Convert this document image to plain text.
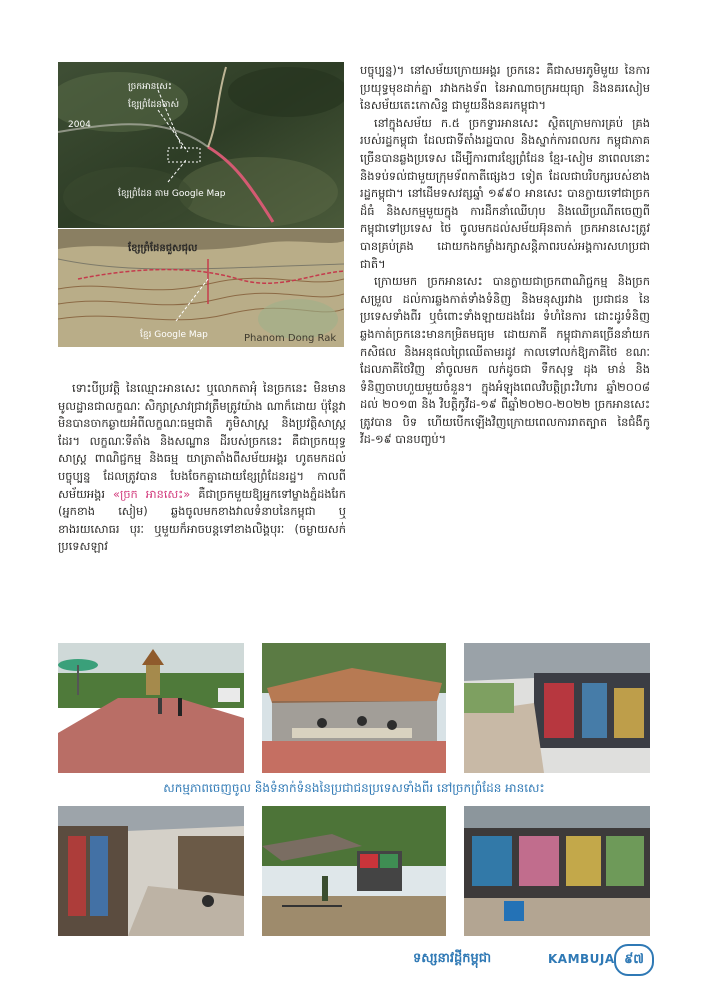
2004
ច្រកអានសេះ
ខ្សែព្រំដែនចាស់
ខ្សែព្រំដែន តាម Google Map
ខ្សែព្រំដែនជួសជុល
ខ្មែរ Google Map	Phanom Dong Rak

ទោះបីប្រវត្តិ នៃឈ្មោះអានសេះ ឬលោកតាអុំ នៃច្រកនេះ មិនមានមូលដ្ឋានជាលក្ខណៈ សិក្សាស្រាវជ្រាវត្រឹមត្រូវយ៉ាង ណាក៏ដោយ ប៉ុន្តែវាមិនបានចាកឆ្ងាយអំពីលក្ខណៈធម្មជាតិ ភូមិសាស្ត្រ និងប្រវត្តិសាស្ត្រដែរ។ លក្ខណៈទីតាំង និងសណ្ឋាន ដីរបស់ច្រកនេះ គឺជាច្រកយុទ្ធសាស្ត្រ ពាណិជ្ជកម្ម និងធម្ម យាត្រាតាំងពីសម័យអង្គរ ហូតមកដល់បច្ចុប្បន្ន ដែលត្រូវបាន បែងចែកគ្នាដោយខ្សែព្រំដែនរដ្ឋ។ កាលពីសម័យអង្គរ «ច្រក អានសេះ» គឺជាច្រកមួយឱ្យអ្នកទៅម្ខាងភ្នំដងរែក (អ្នកខាង សៀម) ឆ្លងចូលមកខាងវាលទំនាបនៃកម្ពុជា ឬខាងរយសោធរ បុរៈ ឬមួយក៏អាចបន្តទៅខាងលិង្គបុរៈ (ចម្ងាយសក់ ប្រទេសឡាវ

បច្ចុប្បន្ន)។ នៅសម័យក្រោយអង្គរ ច្រកនេះ គឺជាសមរភូមិមួយ នៃការប្រយុទ្ធមុខដាក់គ្នា រវាងកងទ័ព នៃអាណាចក្រអយុធ្យា និងនគរសៀម នៃសម័យតេះកោសិន្ទ ជាមួយនឹងនគរកម្ពុជា។

នៅក្នុងសម័យ ក.៥ ច្រកទ្វារអានសេះ ស្ថិតក្រោមការគ្រប់ គ្រងរបស់រដ្ឋកម្ពុជា ដែលជាទីតាំងរដ្ឋបាល និងស្នាក់ការពលករ កម្ពុជាភាគច្រើនបានឆ្លងប្រទេស ដើម្បីការពារខ្សែព្រំដែន ខ្មែរ-សៀម នាពេលនោះ និងទប់ទល់ជាមួយក្រុមទ័ពកាតីផ្សេងៗ ទៀត ដែលជាបរិបក្សរបស់ខាងរដ្ឋកម្ពុជា។ នៅដើមទសវត្សឆ្នាំ ១៩៩០ អានសេះ បានក្លាយទៅជាច្រកដ៏ធំ និងសកម្មមួយក្នុង ការដឹកនាំឈើហុប និងឈើប្រណីតចេញពីកម្ពុជាទៅប្រទេស ថៃ ចូលមកដល់សម័យអ៊ុនតាក់ ច្រកអានសេះត្រូវបានគ្រប់គ្រង ដោយកងកម្លាំងរក្សាសន្តិភាពរបស់អង្គការសហប្រជាជាតិ។

ក្រោយមក ច្រកអានសេះ បានក្លាយជាច្រកពាណិជ្ជកម្ម និងច្រកសម្រួល ដល់ការឆ្លងកាត់ទាំងទំនិញ និងមនុស្សរវាង ប្រជាជន នៃប្រទេសទាំងពីរ ឬចំពោះទាំងឡាយដងដែរ ទំហំនៃការ ដោះដូរទំនិញឆ្លងកាត់ច្រកនេះមានកម្រិតមធ្យម ដោយភាគី កម្ពុជាភាគច្រើននាំយកកសិផល និងអនុផលព្រៃឈើតាមរដូវ កាលទៅលក់ឱ្យភាគីថៃ ខណៈដែលភាគីថៃវិញ នាំចូលមក លក់ដូចជា ទឹកសុទ្ធ ដុង មាន់ និងទំនិញចាបហួយមួយចំនួន។ ក្នុងអំឡុងពេលវិបត្តិព្រះវិហារ ឆ្នាំ២០០៨ ដល់ ២០១៣ និង វិបត្តិកូវីដ-១៩ ពីឆ្នាំ២០២០-២០២២ ច្រកអានសេះត្រូវបាន បិទ ហើយបើកឡើងវិញក្រោយពេលការរាតត្បាត នៃជំងឺកូ វីដ-១៩ បានបញ្ចប់។

សកម្មភាពចេញចូល និងទំនាក់ទំនងនៃប្រជាជនប្រទេសទាំងពីរ នៅច្រកព្រំដែន អានសេះ
ទស្សនាវដ្តីកម្ពុជា	KAMBUJA ៩៧
